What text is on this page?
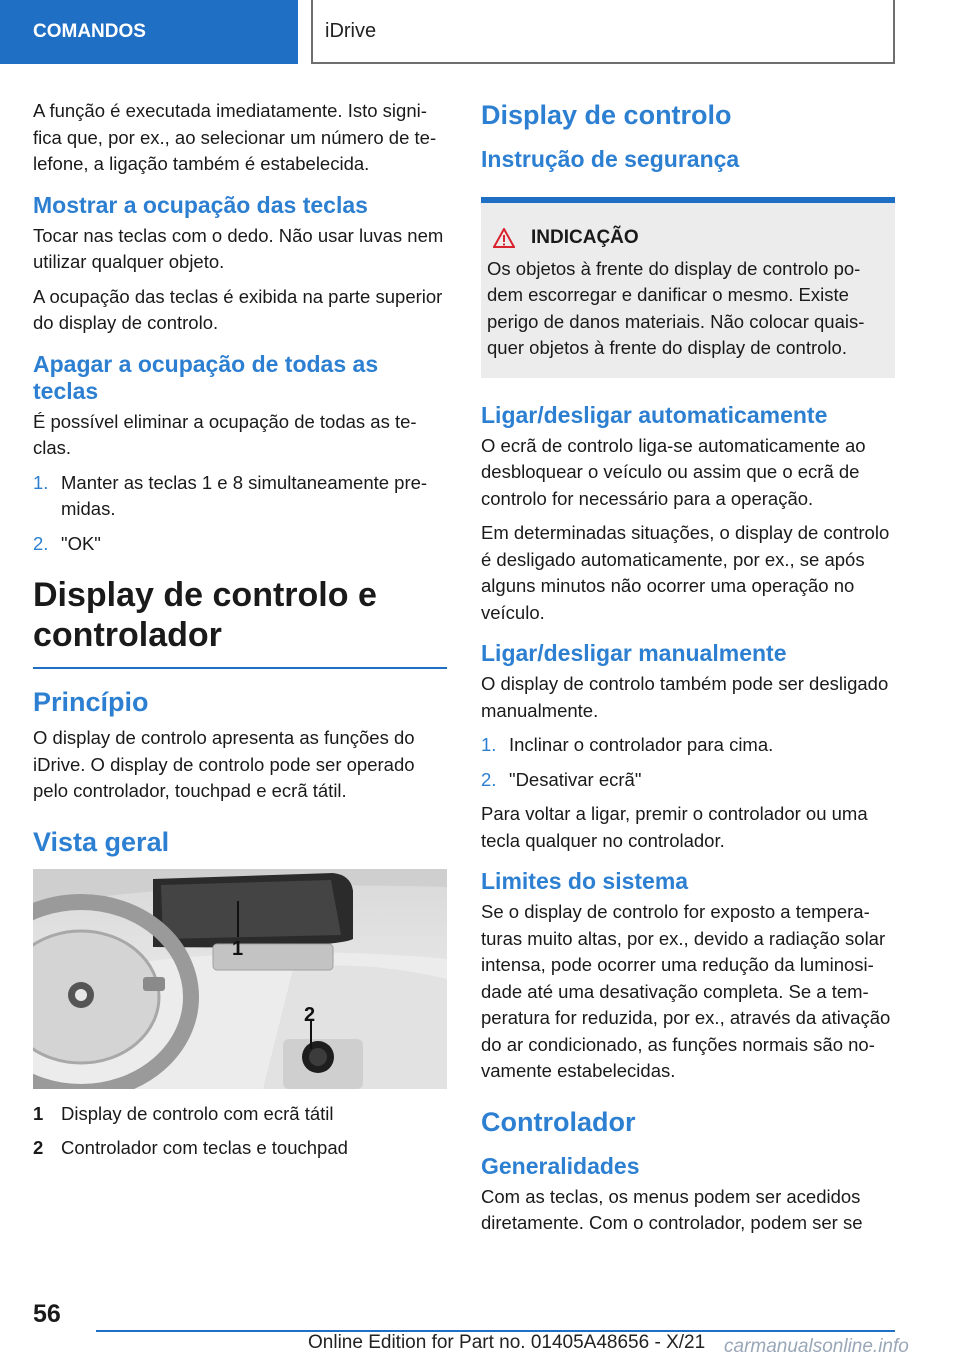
COMANDOS	iDrive

A função é executada imediatamente. Isto significa que, por ex., ao selecionar um número de telefone, a ligação também é estabelecida.

Mostrar a ocupação das teclas

Tocar nas teclas com o dedo. Não usar luvas nem utilizar qualquer objeto.

A ocupação das teclas é exibida na parte superior do display de controlo.

Apagar a ocupação de todas as teclas

É possível eliminar a ocupação de todas as teclas.

1. Manter as teclas 1 e 8 simultaneamente premidas.
2. "OK"
Display de controlo e controlador
Princípio

O display de controlo apresenta as funções do iDrive. O display de controlo pode ser operado pelo controlador, touchpad e ecrã tátil.

Vista geral
1
2
1 Display de controlo com ecrã tátil
2 Controlador com teclas e touchpad
Display de controlo
Instrução de segurança
INDICAÇÃO

Os objetos à frente do display de controlo podem escorregar e danificar o mesmo. Existe perigo de danos materiais. Não colocar quaisquer objetos à frente do display de controlo.

Ligar/desligar automaticamente

O ecrã de controlo liga-se automaticamente ao desbloquear o veículo ou assim que o ecrã de controlo for necessário para a operação.

Em determinadas situações, o display de controlo é desligado automaticamente, por ex., se após alguns minutos não ocorrer uma operação no veículo.

Ligar/desligar manualmente

O display de controlo também pode ser desligado manualmente.

1. Inclinar o controlador para cima.
2. "Desativar ecrã"

Para voltar a ligar, premir o controlador ou uma tecla qualquer no controlador.

Limites do sistema

Se o display de controlo for exposto a temperaturas muito altas, por ex., devido a radiação solar intensa, pode ocorrer uma redução da luminosidade até uma desativação completa. Se a temperatura for reduzida, por ex., através da ativação do ar condicionado, as funções normais são novamente estabelecidas.

Controlador
Generalidades

Com as teclas, os menus podem ser acedidos diretamente. Com o controlador, podem ser se

56
Online Edition for Part no. 01405A48656 - X/21 carmanualsonline.info
